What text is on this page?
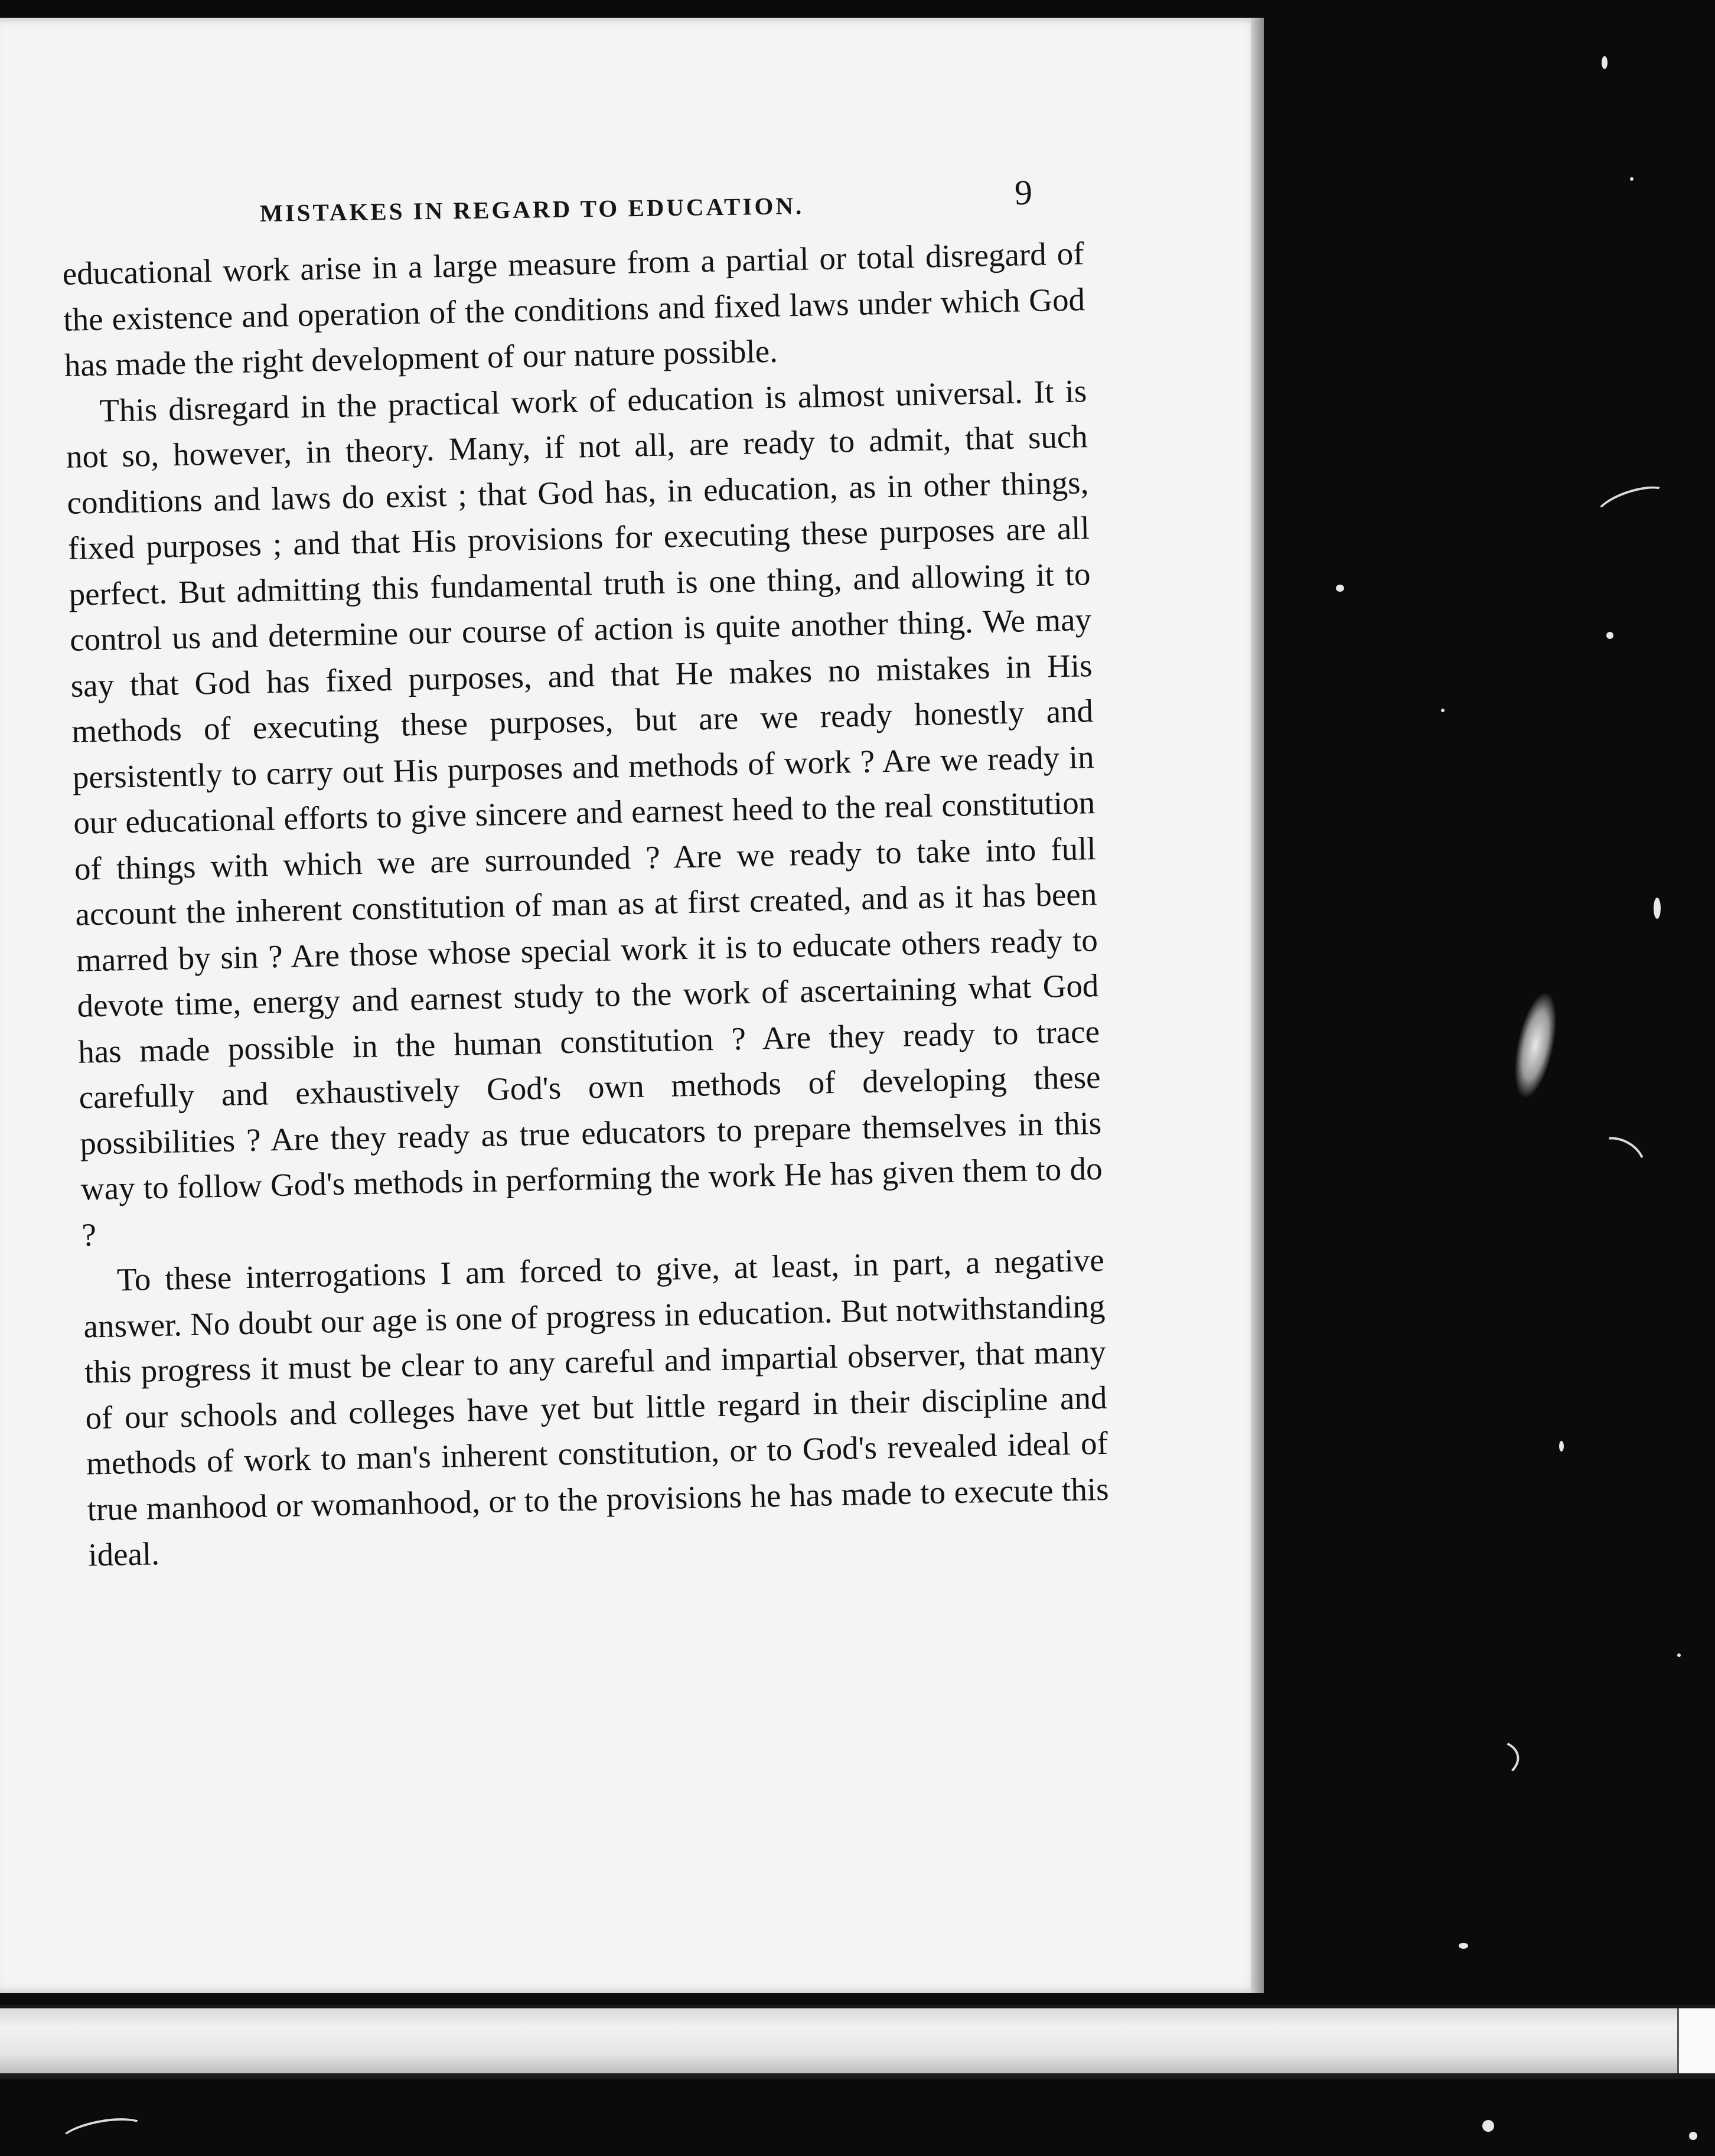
MISTAKES IN REGARD TO EDUCATION.	9

educational work arise in a large measure from a partial or total disregard of the existence and operation of the conditions and fixed laws under which God has made the right development of our nature possible.

This disregard in the practical work of education is almost universal. It is not so, however, in theory. Many, if not all, are ready to admit, that such conditions and laws do exist ; that God has, in education, as in other things, fixed purposes ; and that His provisions for executing these purposes are all perfect. But admitting this fundamental truth is one thing, and allowing it to control us and determine our course of action is quite another thing. We may say that God has fixed purposes, and that He makes no mistakes in His methods of executing these purposes, but are we ready honestly and persistently to carry out His purposes and methods of work ? Are we ready in our educational efforts to give sincere and earnest heed to the real constitution of things with which we are surrounded ? Are we ready to take into full account the inherent constitution of man as at first created, and as it has been marred by sin ? Are those whose special work it is to educate others ready to devote time, energy and earnest study to the work of ascertaining what God has made possible in the human constitution ? Are they ready to trace carefully and exhaustively God's own methods of developing these possibilities ? Are they ready as true educators to prepare themselves in this way to follow God's methods in performing the work He has given them to do ?

To these interrogations I am forced to give, at least, in part, a negative answer. No doubt our age is one of progress in education. But notwithstanding this progress it must be clear to any careful and impartial observer, that many of our schools and colleges have yet but little regard in their discipline and methods of work to man's inherent constitution, or to God's revealed ideal of true manhood or womanhood, or to the provisions he has made to execute this ideal.
